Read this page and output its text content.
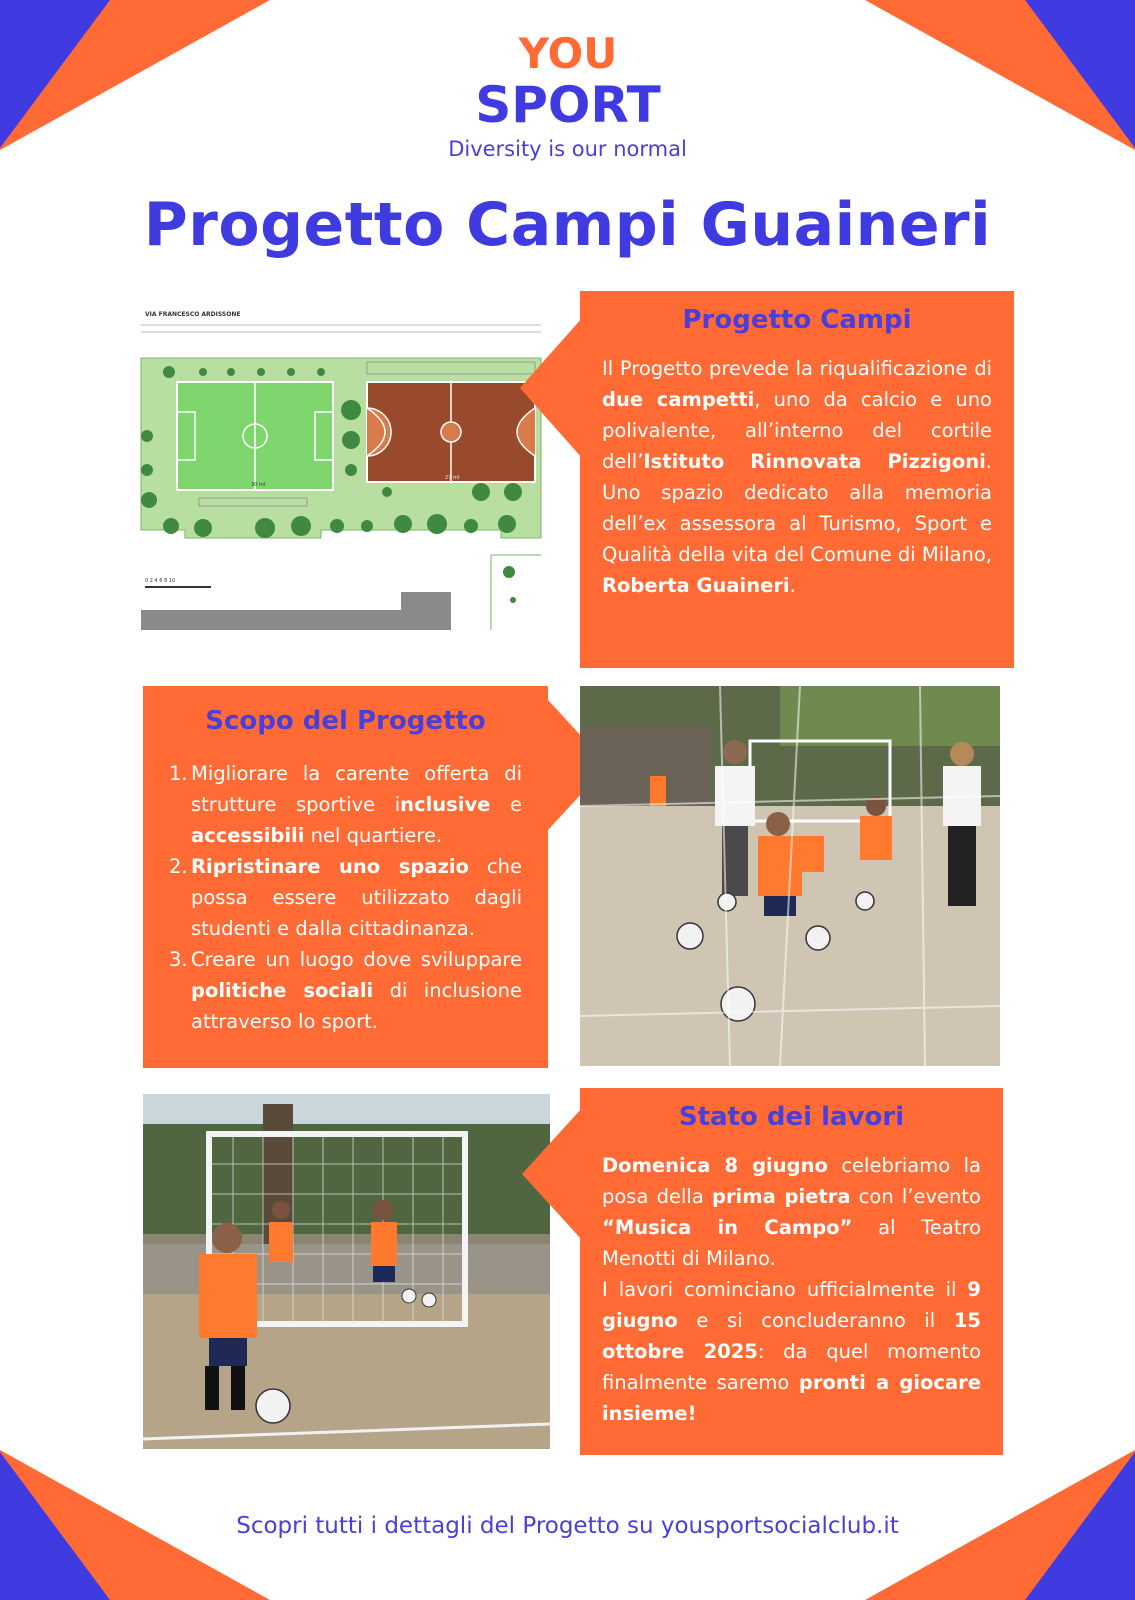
YOU
SPORT
Diversity is our normal
Progetto Campi Guaineri
VIA FRANCESCO ARDISSONE
30 ml
27 ml
0 2 4 6 8 10
Progetto Campi

Il Progetto prevede la riqualificazione di due campetti, uno da calcio e uno polivalente, all’interno del cortile dell’Istituto Rinnovata Pizzigoni. Uno spazio dedicato alla memoria dell’ex assessora al Turismo, Sport e Qualità della vita del Comune di Milano, Roberta Guaineri.

Scopo del Progetto
1. Migliorare la carente offerta di strutture sportive inclusive e accessibili nel quartiere.
2. Ripristinare uno spazio che possa essere utilizzato dagli studenti e dalla cittadinanza.
3. Creare un luogo dove sviluppare politiche sociali di inclusione attraverso lo sport.
Stato dei lavori

Domenica 8 giugno celebriamo la posa della prima pietra con l’evento “Musica in Campo” al Teatro Menotti di Milano.

I lavori cominciano ufficialmente il 9 giugno e si concluderanno il 15 ottobre 2025: da quel momento finalmente saremo pronti a giocare insieme!

Scopri tutti i dettagli del Progetto su yousportsocialclub.it
